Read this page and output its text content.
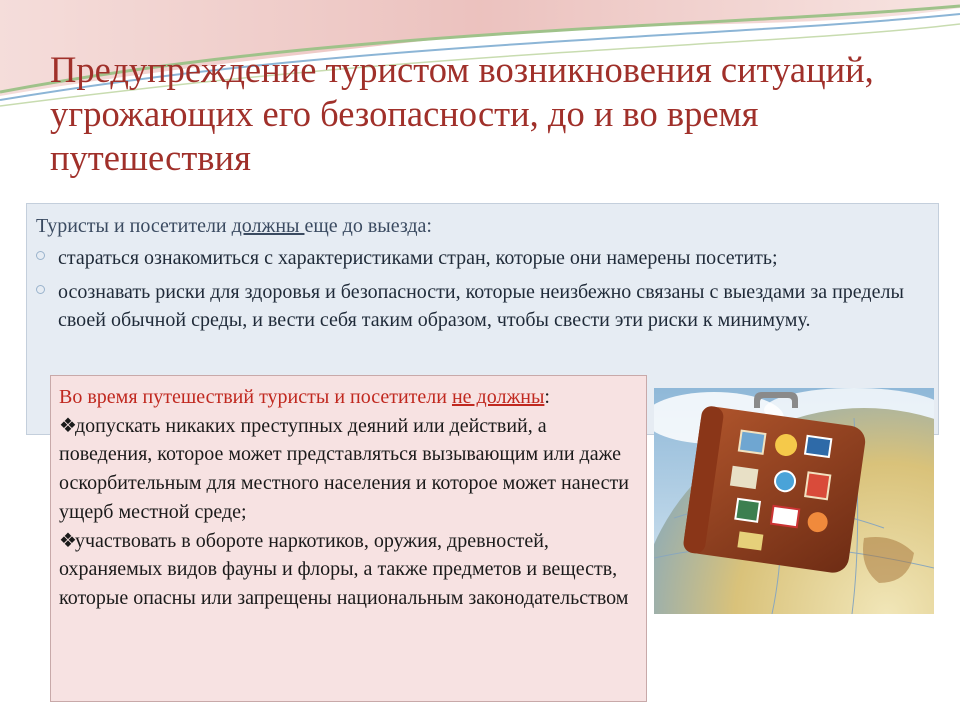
Предупреждение туристом возникновения ситуаций, угрожающих его безопасности, до и во время путешествия

Туристы и посетители должны еще до выезда:

стараться ознакомиться с характеристиками стран, которые они намерены посетить;
осознавать риски для здоровья и безопасности, которые неизбежно связаны с выездами за пределы своей обычной среды, и вести себя таким образом, чтобы свести эти риски к минимуму.

Во время путешествий туристы и посетители не должны:

❖допускать никаких преступных деяний или действий, а поведения, которое может представляться вызывающим или даже оскорбительным для местного населения и которое может нанести ущерб местной среде;
❖участвовать в обороте наркотиков, оружия, древностей, охраняемых видов фауны и флоры, а также предметов и веществ, которые опасны или запрещены национальным законодательством
